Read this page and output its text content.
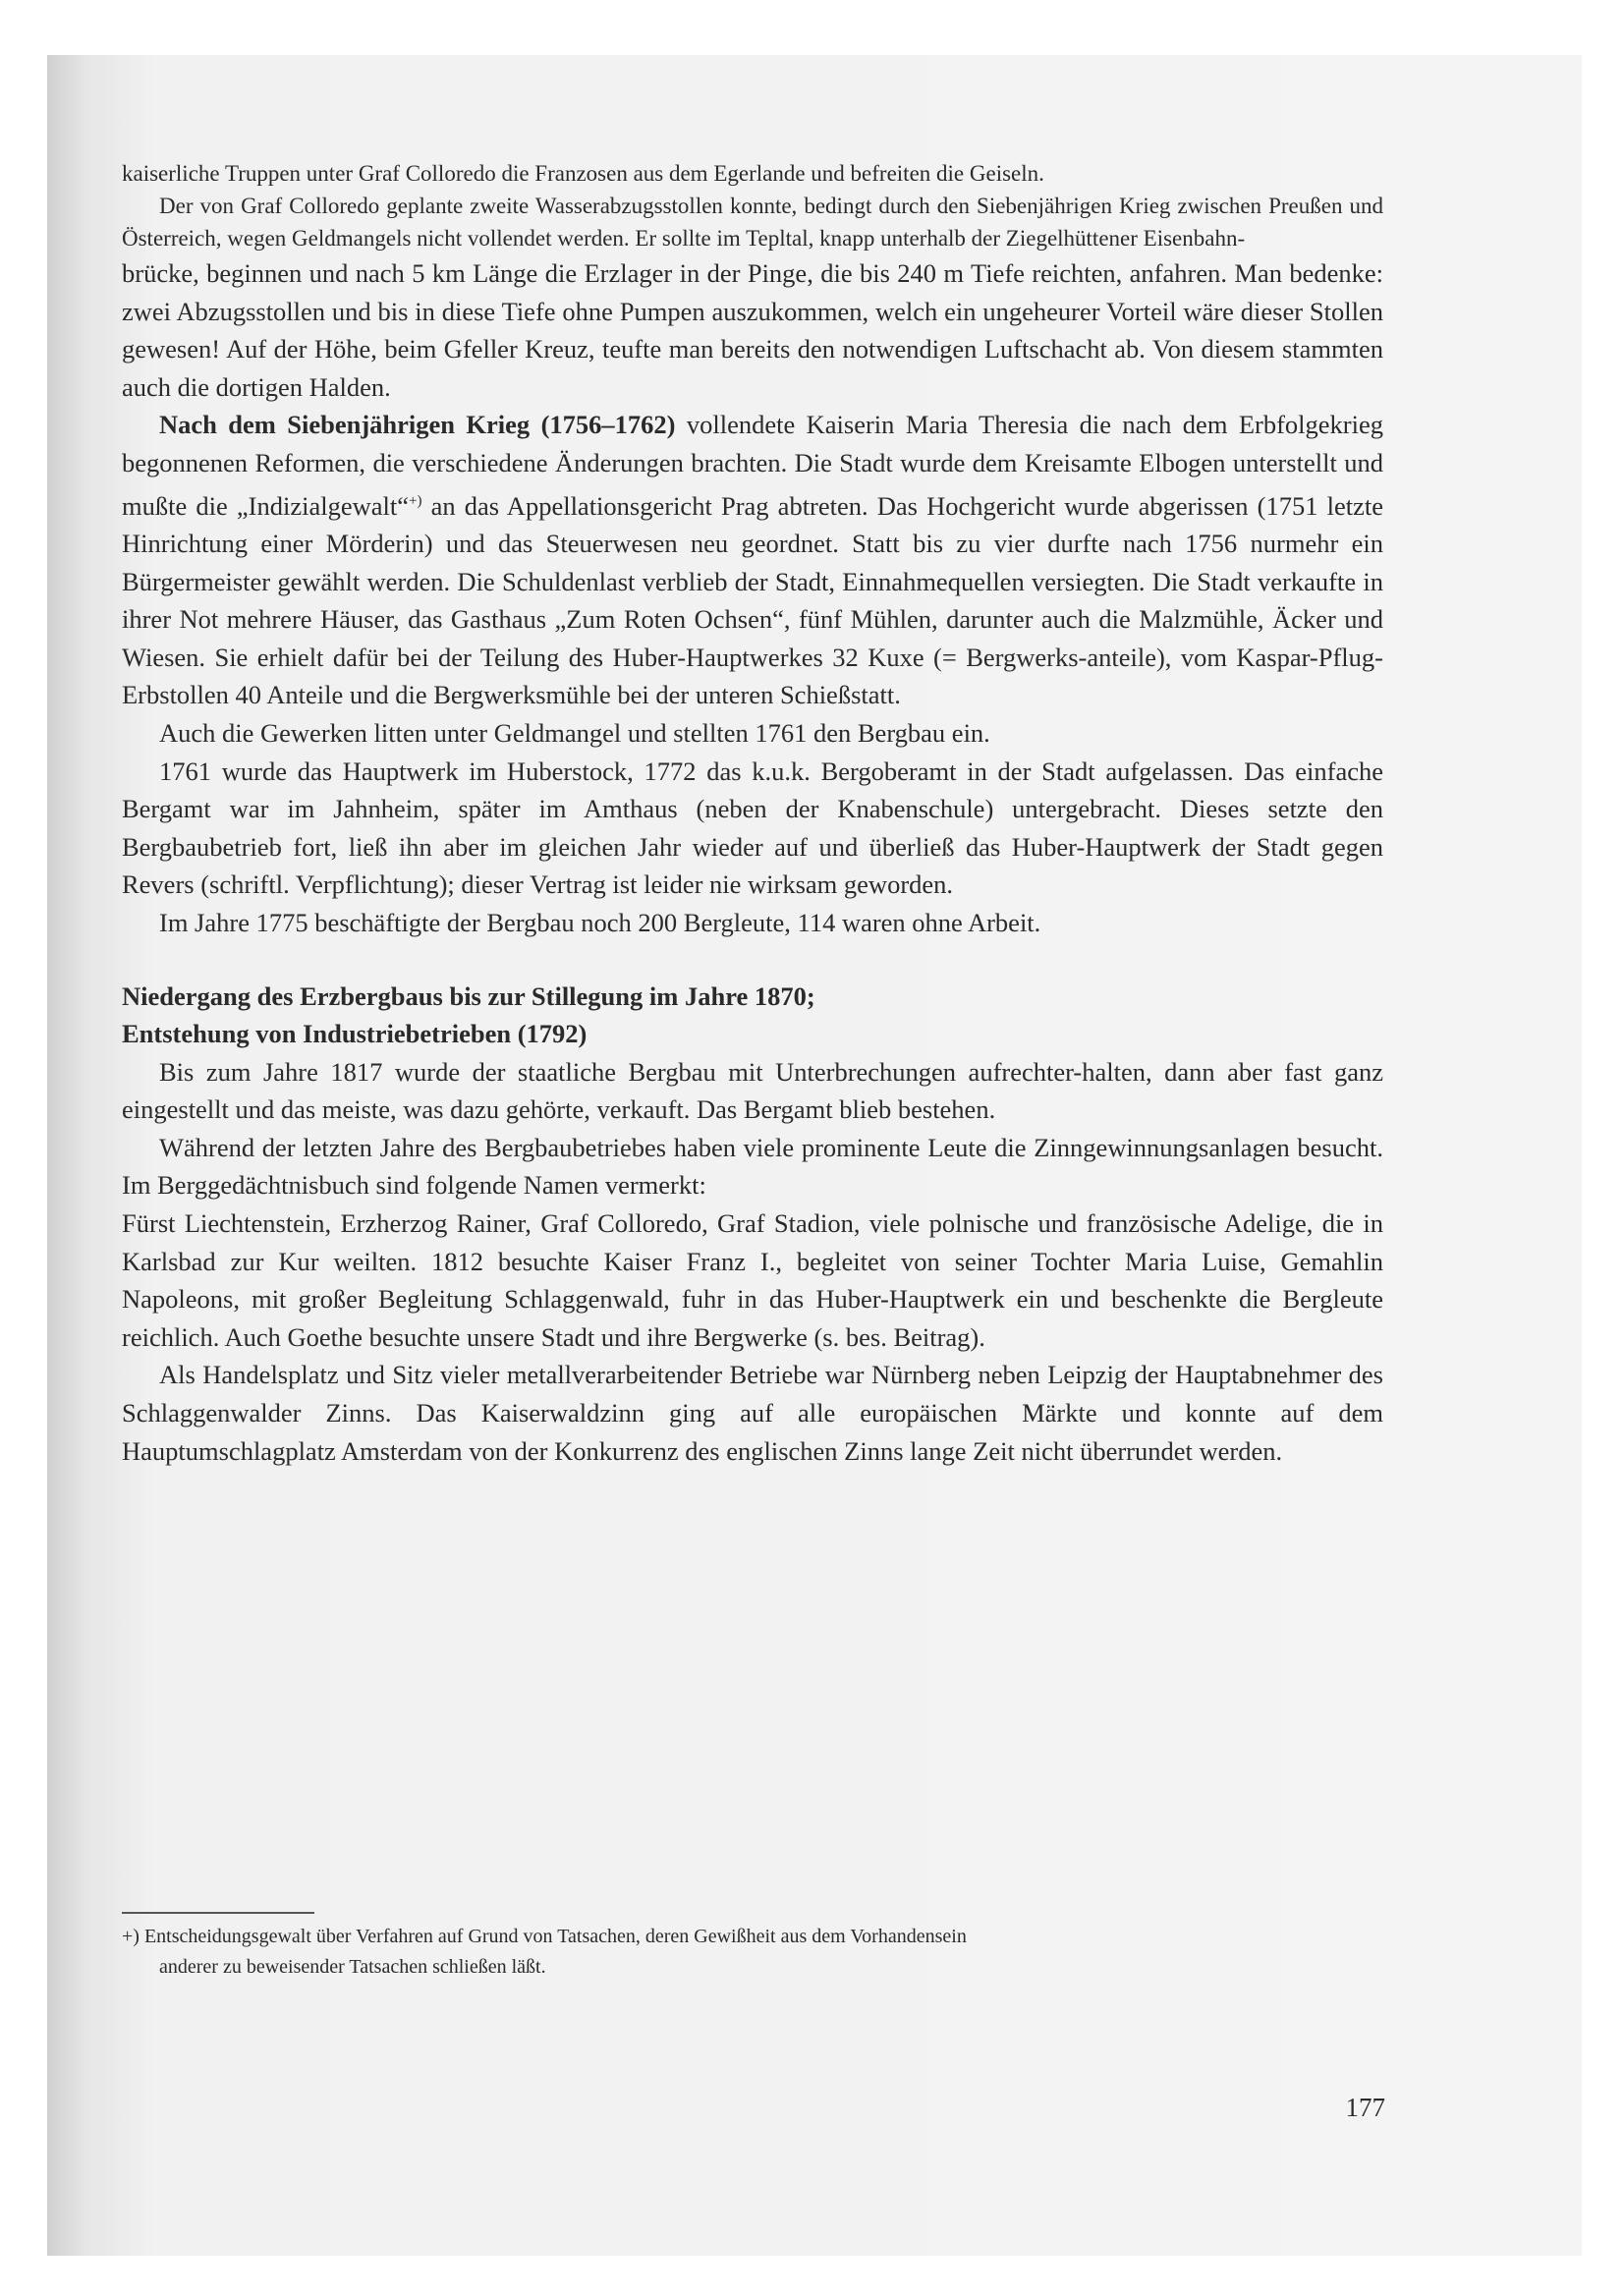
kaiserliche Truppen unter Graf Colloredo die Franzosen aus dem Egerlande und befreiten die Geiseln.

Der von Graf Colloredo geplante zweite Wasserabzugsstollen konnte, bedingt durch den Siebenjährigen Krieg zwischen Preußen und Österreich, wegen Geldmangels nicht vollendet werden. Er sollte im Tepltal, knapp unterhalb der Ziegelhüttener Eisenbahn-

brücke, beginnen und nach 5 km Länge die Erzlager in der Pinge, die bis 240 m Tiefe reichten, anfahren. Man bedenke: zwei Abzugsstollen und bis in diese Tiefe ohne Pumpen auszukommen, welch ein ungeheurer Vorteil wäre dieser Stollen gewesen! Auf der Höhe, beim Gfeller Kreuz, teufte man bereits den notwendigen Luftschacht ab. Von diesem stammten auch die dortigen Halden.

Nach dem Siebenjährigen Krieg (1756–1762) vollendete Kaiserin Maria Theresia die nach dem Erbfolgekrieg begonnenen Reformen, die verschiedene Änderungen brachten. Die Stadt wurde dem Kreisamte Elbogen unterstellt und mußte die „Indizialgewalt“+) an das Appellationsgericht Prag abtreten. Das Hochgericht wurde abgerissen (1751 letzte Hinrichtung einer Mörderin) und das Steuerwesen neu geordnet. Statt bis zu vier durfte nach 1756 nurmehr ein Bürgermeister gewählt werden. Die Schuldenlast verblieb der Stadt, Einnahmequellen versiegten. Die Stadt verkaufte in ihrer Not mehrere Häuser, das Gasthaus „Zum Roten Ochsen“, fünf Mühlen, darunter auch die Malzmühle, Äcker und Wiesen. Sie erhielt dafür bei der Teilung des Huber-Hauptwerkes 32 Kuxe (= Bergwerks-anteile), vom Kaspar-Pflug-Erbstollen 40 Anteile und die Bergwerksmühle bei der unteren Schießstatt.

Auch die Gewerken litten unter Geldmangel und stellten 1761 den Bergbau ein.

1761 wurde das Hauptwerk im Huberstock, 1772 das k.u.k. Bergoberamt in der Stadt aufgelassen. Das einfache Bergamt war im Jahnheim, später im Amthaus (neben der Knabenschule) untergebracht. Dieses setzte den Bergbaubetrieb fort, ließ ihn aber im gleichen Jahr wieder auf und überließ das Huber-Hauptwerk der Stadt gegen Revers (schriftl. Verpflichtung); dieser Vertrag ist leider nie wirksam geworden.

Im Jahre 1775 beschäftigte der Bergbau noch 200 Bergleute, 114 waren ohne Arbeit.

Niedergang des Erzbergbaus bis zur Stillegung im Jahre 1870;

Entstehung von Industriebetrieben (1792)

Bis zum Jahre 1817 wurde der staatliche Bergbau mit Unterbrechungen aufrechter-halten, dann aber fast ganz eingestellt und das meiste, was dazu gehörte, verkauft. Das Bergamt blieb bestehen.

Während der letzten Jahre des Bergbaubetriebes haben viele prominente Leute die Zinngewinnungsanlagen besucht. Im Berggedächtnisbuch sind folgende Namen vermerkt:

Fürst Liechtenstein, Erzherzog Rainer, Graf Colloredo, Graf Stadion, viele polnische und französische Adelige, die in Karlsbad zur Kur weilten. 1812 besuchte Kaiser Franz I., begleitet von seiner Tochter Maria Luise, Gemahlin Napoleons, mit großer Begleitung Schlaggenwald, fuhr in das Huber-Hauptwerk ein und beschenkte die Bergleute reichlich. Auch Goethe besuchte unsere Stadt und ihre Bergwerke (s. bes. Beitrag).

Als Handelsplatz und Sitz vieler metallverarbeitender Betriebe war Nürnberg neben Leipzig der Hauptabnehmer des Schlaggenwalder Zinns. Das Kaiserwaldzinn ging auf alle europäischen Märkte und konnte auf dem Hauptumschlagplatz Amsterdam von der Konkurrenz des englischen Zinns lange Zeit nicht überrundet werden.

+) Entscheidungsgewalt über Verfahren auf Grund von Tatsachen, deren Gewißheit aus dem Vorhandensein
anderer zu beweisender Tatsachen schließen läßt.
177
